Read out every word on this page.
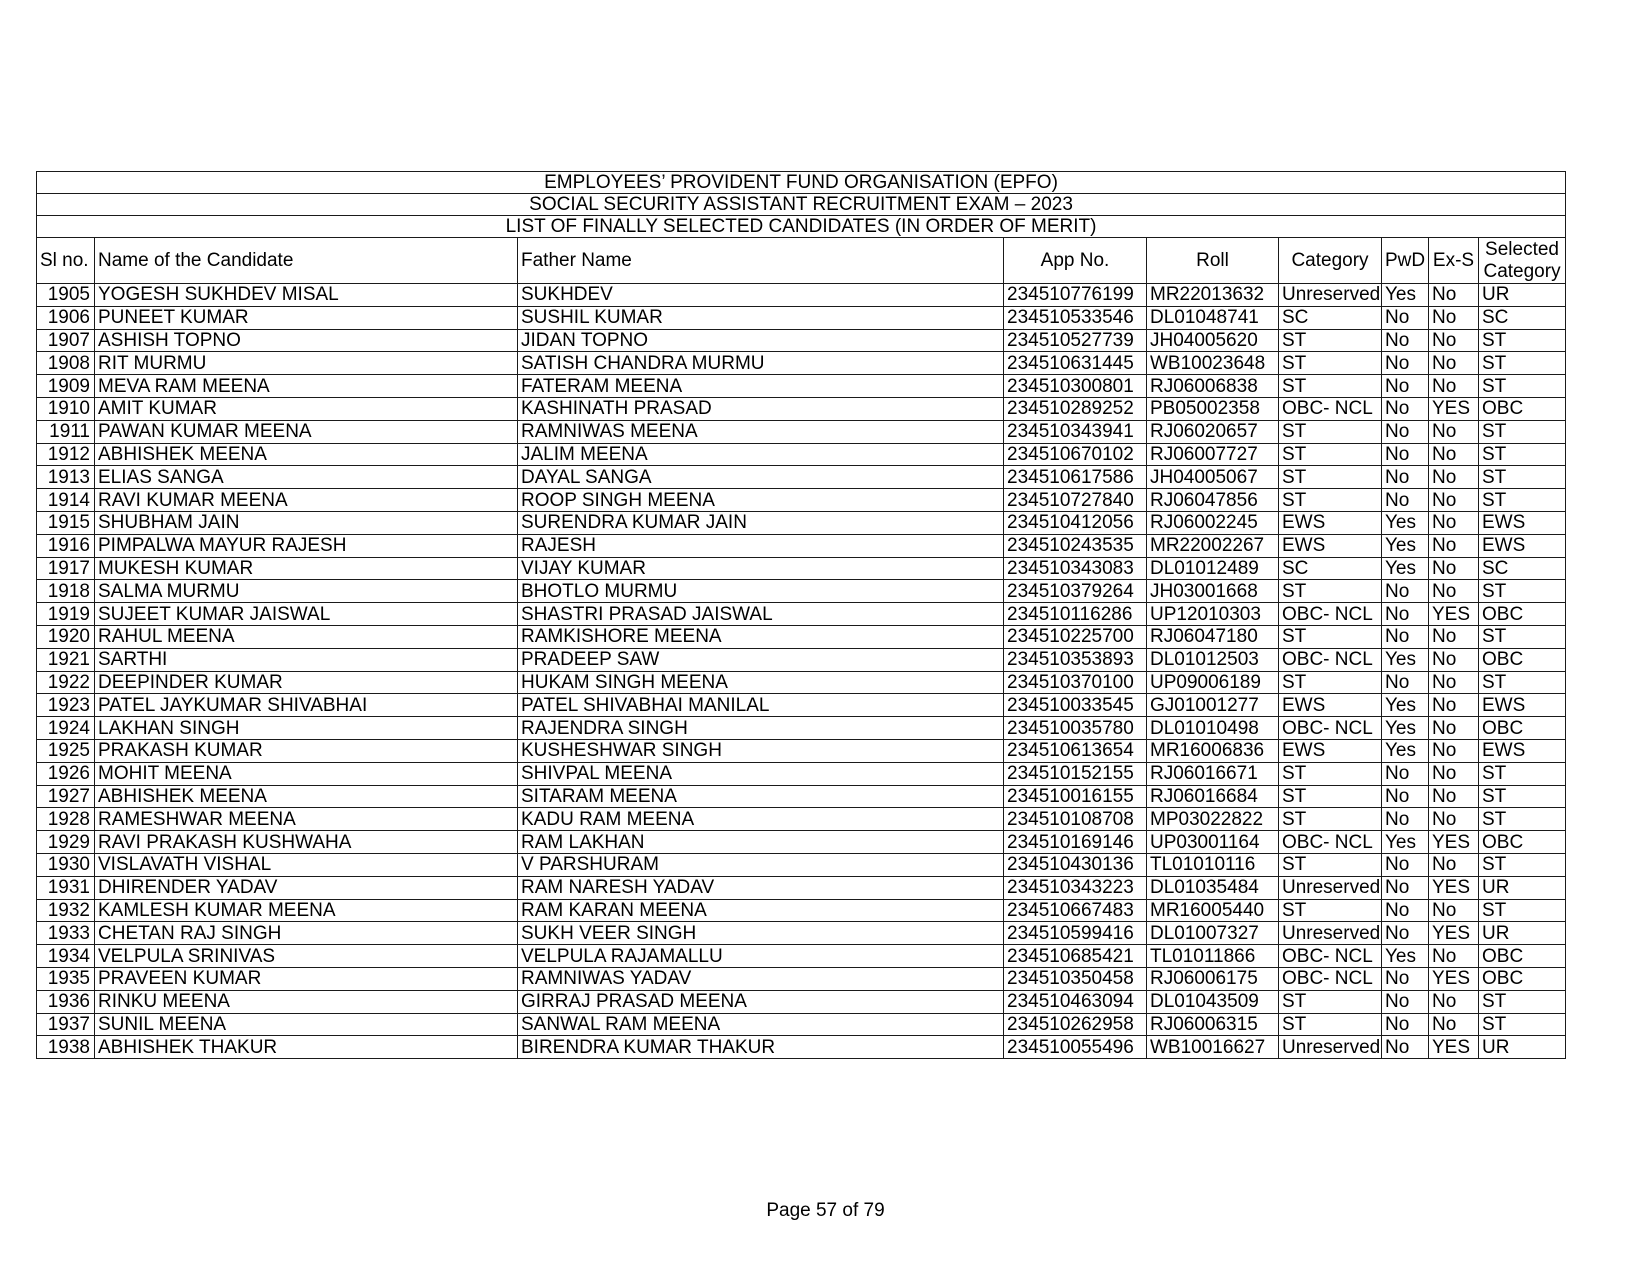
EMPLOYEES’ PROVIDENT FUND ORGANISATION (EPFO)								
SOCIAL SECURITY ASSISTANT RECRUITMENT EXAM – 2023								
LIST OF FINALLY SELECTED CANDIDATES (IN ORDER OF MERIT)								
Sl no.	Name of the Candidate	Father Name	App No.	Roll	Category	PwD	Ex-S	Selected
Category
1905	YOGESH SUKHDEV MISAL	SUKHDEV	234510776199	MR22013632	Unreserved	Yes	No	UR
1906	PUNEET KUMAR	SUSHIL KUMAR	234510533546	DL01048741	SC	No	No	SC
1907	ASHISH TOPNO	JIDAN TOPNO	234510527739	JH04005620	ST	No	No	ST
1908	RIT MURMU	SATISH CHANDRA MURMU	234510631445	WB10023648	ST	No	No	ST
1909	MEVA RAM MEENA	FATERAM MEENA	234510300801	RJ06006838	ST	No	No	ST
1910	AMIT KUMAR	KASHINATH PRASAD	234510289252	PB05002358	OBC- NCL	No	YES	OBC
1911	PAWAN KUMAR MEENA	RAMNIWAS MEENA	234510343941	RJ06020657	ST	No	No	ST
1912	ABHISHEK MEENA	JALIM MEENA	234510670102	RJ06007727	ST	No	No	ST
1913	ELIAS SANGA	DAYAL SANGA	234510617586	JH04005067	ST	No	No	ST
1914	RAVI KUMAR MEENA	ROOP SINGH MEENA	234510727840	RJ06047856	ST	No	No	ST
1915	SHUBHAM JAIN	SURENDRA KUMAR JAIN	234510412056	RJ06002245	EWS	Yes	No	EWS
1916	PIMPALWA MAYUR RAJESH	RAJESH	234510243535	MR22002267	EWS	Yes	No	EWS
1917	MUKESH KUMAR	VIJAY KUMAR	234510343083	DL01012489	SC	Yes	No	SC
1918	SALMA MURMU	BHOTLO MURMU	234510379264	JH03001668	ST	No	No	ST
1919	SUJEET KUMAR JAISWAL	SHASTRI PRASAD JAISWAL	234510116286	UP12010303	OBC- NCL	No	YES	OBC
1920	RAHUL MEENA	RAMKISHORE MEENA	234510225700	RJ06047180	ST	No	No	ST
1921	SARTHI	PRADEEP SAW	234510353893	DL01012503	OBC- NCL	Yes	No	OBC
1922	DEEPINDER KUMAR	HUKAM SINGH MEENA	234510370100	UP09006189	ST	No	No	ST
1923	PATEL JAYKUMAR SHIVABHAI	PATEL SHIVABHAI MANILAL	234510033545	GJ01001277	EWS	Yes	No	EWS
1924	LAKHAN SINGH	RAJENDRA SINGH	234510035780	DL01010498	OBC- NCL	Yes	No	OBC
1925	PRAKASH KUMAR	KUSHESHWAR SINGH	234510613654	MR16006836	EWS	Yes	No	EWS
1926	MOHIT MEENA	SHIVPAL MEENA	234510152155	RJ06016671	ST	No	No	ST
1927	ABHISHEK MEENA	SITARAM MEENA	234510016155	RJ06016684	ST	No	No	ST
1928	RAMESHWAR MEENA	KADU RAM MEENA	234510108708	MP03022822	ST	No	No	ST
1929	RAVI PRAKASH KUSHWAHA	RAM LAKHAN	234510169146	UP03001164	OBC- NCL	Yes	YES	OBC
1930	VISLAVATH VISHAL	V PARSHURAM	234510430136	TL01010116	ST	No	No	ST
1931	DHIRENDER YADAV	RAM NARESH YADAV	234510343223	DL01035484	Unreserved	No	YES	UR
1932	KAMLESH KUMAR MEENA	RAM KARAN MEENA	234510667483	MR16005440	ST	No	No	ST
1933	CHETAN RAJ SINGH	SUKH VEER SINGH	234510599416	DL01007327	Unreserved	No	YES	UR
1934	VELPULA SRINIVAS	VELPULA RAJAMALLU	234510685421	TL01011866	OBC- NCL	Yes	No	OBC
1935	PRAVEEN KUMAR	RAMNIWAS YADAV	234510350458	RJ06006175	OBC- NCL	No	YES	OBC
1936	RINKU MEENA	GIRRAJ PRASAD MEENA	234510463094	DL01043509	ST	No	No	ST
1937	SUNIL MEENA	SANWAL RAM MEENA	234510262958	RJ06006315	ST	No	No	ST
1938	ABHISHEK THAKUR	BIRENDRA KUMAR THAKUR	234510055496	WB10016627	Unreserved	No	YES	UR
Page 57 of 79
